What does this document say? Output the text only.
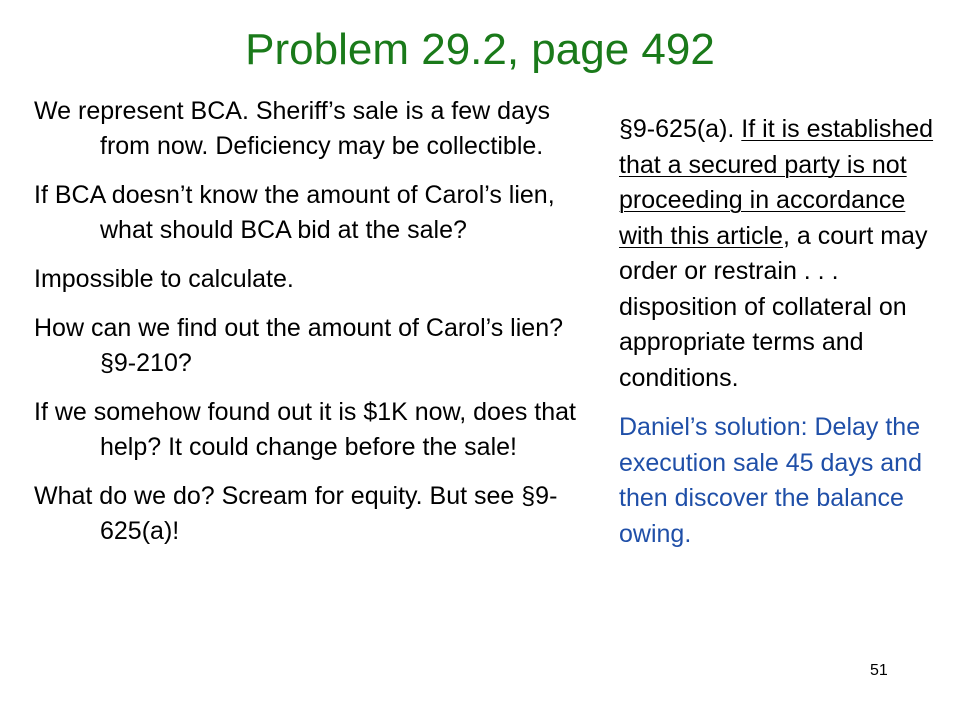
Problem 29.2, page 492

We represent BCA. Sheriff’s sale is a few days from now. Deficiency may be collectible.

If BCA doesn’t know the amount of Carol’s lien, what should BCA bid at the sale?

Impossible to calculate.

How can we find out the amount of Carol’s lien? §9-210?

If we somehow found out it is $1K now, does that help? It could change before the sale!

What do we do? Scream for equity. But see §9-625(a)!

§9-625(a). If it is established that a secured party is not proceeding in accordance with this article, a court may order or restrain . . . disposition of collateral on appropriate terms and conditions.

Daniel’s solution: Delay the execution sale 45 days and then discover the balance owing.

51
